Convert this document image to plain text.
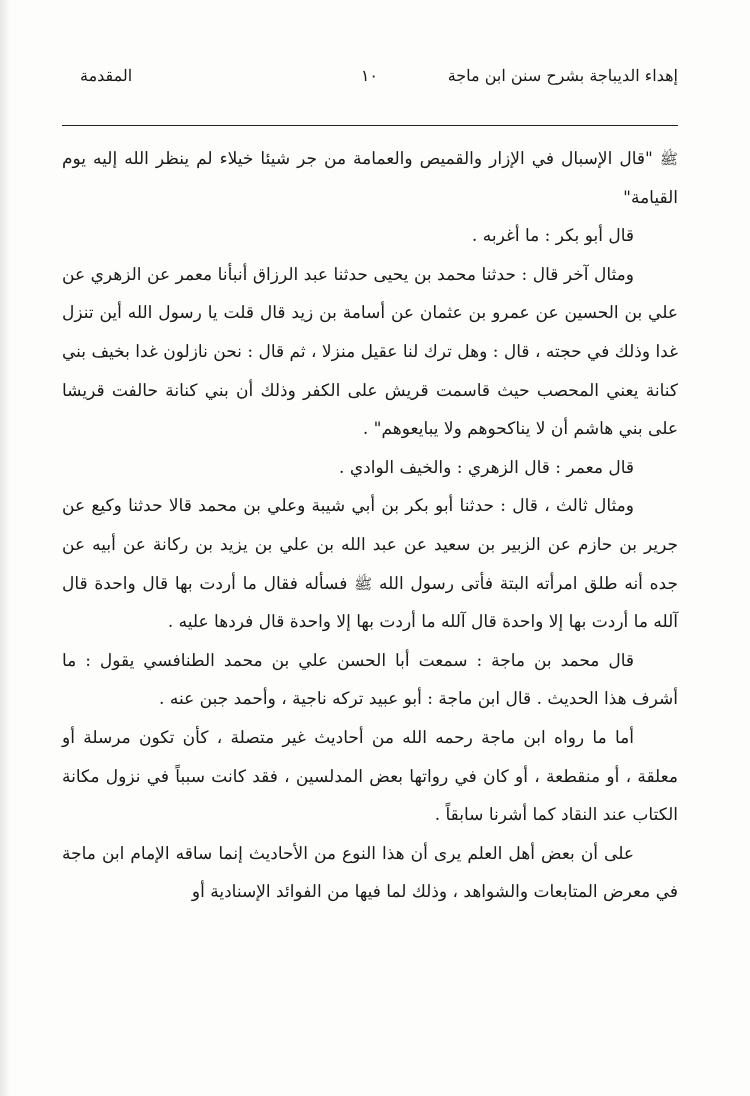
إهداء الديباجة بشرح سنن ابن ماجة
١٠
المقدمة

ﷺ "قال الإسبال في الإزار والقميص والعمامة من جر شيئا خيلاء لم ينظر الله إليه يوم القيامة"

قال أبو بكر : ما أغربه .

ومثال آخر قال : حدثنا محمد بن يحيى حدثنا عبد الرزاق أنبأنا معمر عن الزهري عن علي بن الحسين عن عمرو بن عثمان عن أسامة بن زيد قال قلت يا رسول الله أين تنزل غدا وذلك في حجته ، قال : وهل ترك لنا عقيل منزلا ، ثم قال : نحن نازلون غدا بخيف بني كنانة يعني المحصب حيث قاسمت قريش على الكفر وذلك أن بني كنانة حالفت قريشا على بني هاشم أن لا يناكحوهم ولا يبايعوهم" .

قال معمر : قال الزهري : والخيف الوادي .

ومثال ثالث ، قال : حدثنا أبو بكر بن أبي شيبة وعلي بن محمد قالا حدثنا وكيع عن جرير بن حازم عن الزبير بن سعيد عن عبد الله بن علي بن يزيد بن ركانة عن أبيه عن جده أنه طلق امرأته البتة فأتى رسول الله ﷺ فسأله فقال ما أردت بها قال واحدة قال آلله ما أردت بها إلا واحدة قال آلله ما أردت بها إلا واحدة قال فردها عليه .

قال محمد بن ماجة : سمعت أبا الحسن علي بن محمد الطنافسي يقول : ما أشرف هذا الحديث . قال ابن ماجة : أبو عبيد تركه ناجية ، وأحمد جبن عنه .

أما ما رواه ابن ماجة رحمه الله من أحاديث غير متصلة ، كأن تكون مرسلة أو معلقة ، أو منقطعة ، أو كان في رواتها بعض المدلسين ، فقد كانت سبباً في نزول مكانة الكتاب عند النقاد كما أشرنا سابقاً .

على أن بعض أهل العلم يرى أن هذا النوع من الأحاديث إنما ساقه الإمام ابن ماجة في معرض المتابعات والشواهد ، وذلك لما فيها من الفوائد الإسنادية أو
